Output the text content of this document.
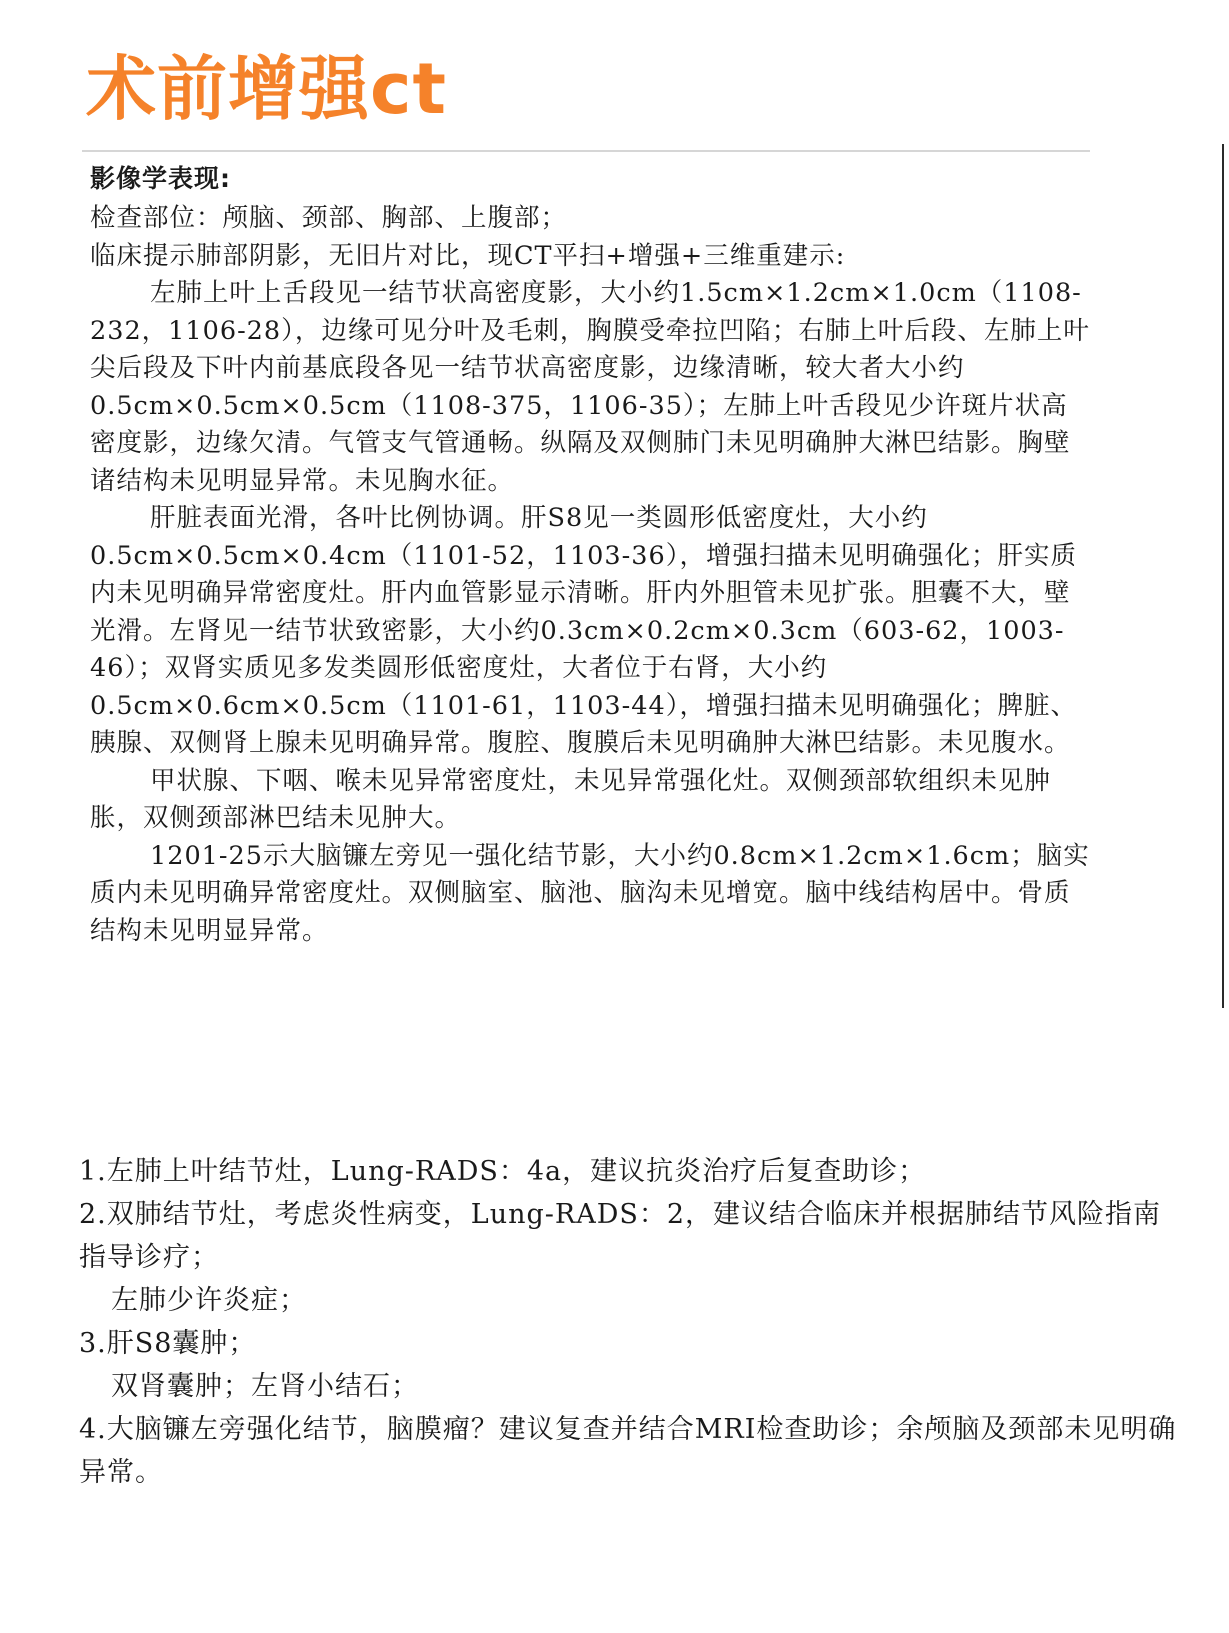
术前增强ct

影像学表现:

检查部位：颅脑、颈部、胸部、上腹部；

临床提示肺部阴影，无旧片对比，现CT平扫+增强+三维重建示:

左肺上叶上舌段见一结节状高密度影，大小约1.5cm×1.2cm×1.0cm（1108-232，1106-28），边缘可见分叶及毛刺，胸膜受牵拉凹陷；右肺上叶后段、左肺上叶尖后段及下叶内前基底段各见一结节状高密度影，边缘清晰，较大者大小约0.5cm×0.5cm×0.5cm（1108-375，1106-35）；左肺上叶舌段见少许斑片状高密度影，边缘欠清。气管支气管通畅。纵隔及双侧肺门未见明确肿大淋巴结影。胸壁诸结构未见明显异常。未见胸水征。

肝脏表面光滑，各叶比例协调。肝S8见一类圆形低密度灶，大小约0.5cm×0.5cm×0.4cm（1101-52，1103-36），增强扫描未见明确强化；肝实质内未见明确异常密度灶。肝内血管影显示清晰。肝内外胆管未见扩张。胆囊不大，壁光滑。左肾见一结节状致密影，大小约0.3cm×0.2cm×0.3cm（603-62，1003-46）；双肾实质见多发类圆形低密度灶，大者位于右肾，大小约0.5cm×0.6cm×0.5cm（1101-61，1103-44），增强扫描未见明确强化；脾脏、胰腺、双侧肾上腺未见明确异常。腹腔、腹膜后未见明确肿大淋巴结影。未见腹水。

甲状腺、下咽、喉未见异常密度灶，未见异常强化灶。双侧颈部软组织未见肿胀，双侧颈部淋巴结未见肿大。

1201-25示大脑镰左旁见一强化结节影，大小约0.8cm×1.2cm×1.6cm；脑实质内未见明确异常密度灶。双侧脑室、脑池、脑沟未见增宽。脑中线结构居中。骨质结构未见明显异常。

1.左肺上叶结节灶，Lung-RADS：4a，建议抗炎治疗后复查助诊；

2.双肺结节灶，考虑炎性病变，Lung-RADS：2，建议结合临床并根据肺结节风险指南指导诊疗；

左肺少许炎症；

3.肝S8囊肿；

双肾囊肿；左肾小结石；

4.大脑镰左旁强化结节，脑膜瘤？建议复查并结合MRI检查助诊；余颅脑及颈部未见明确异常。
